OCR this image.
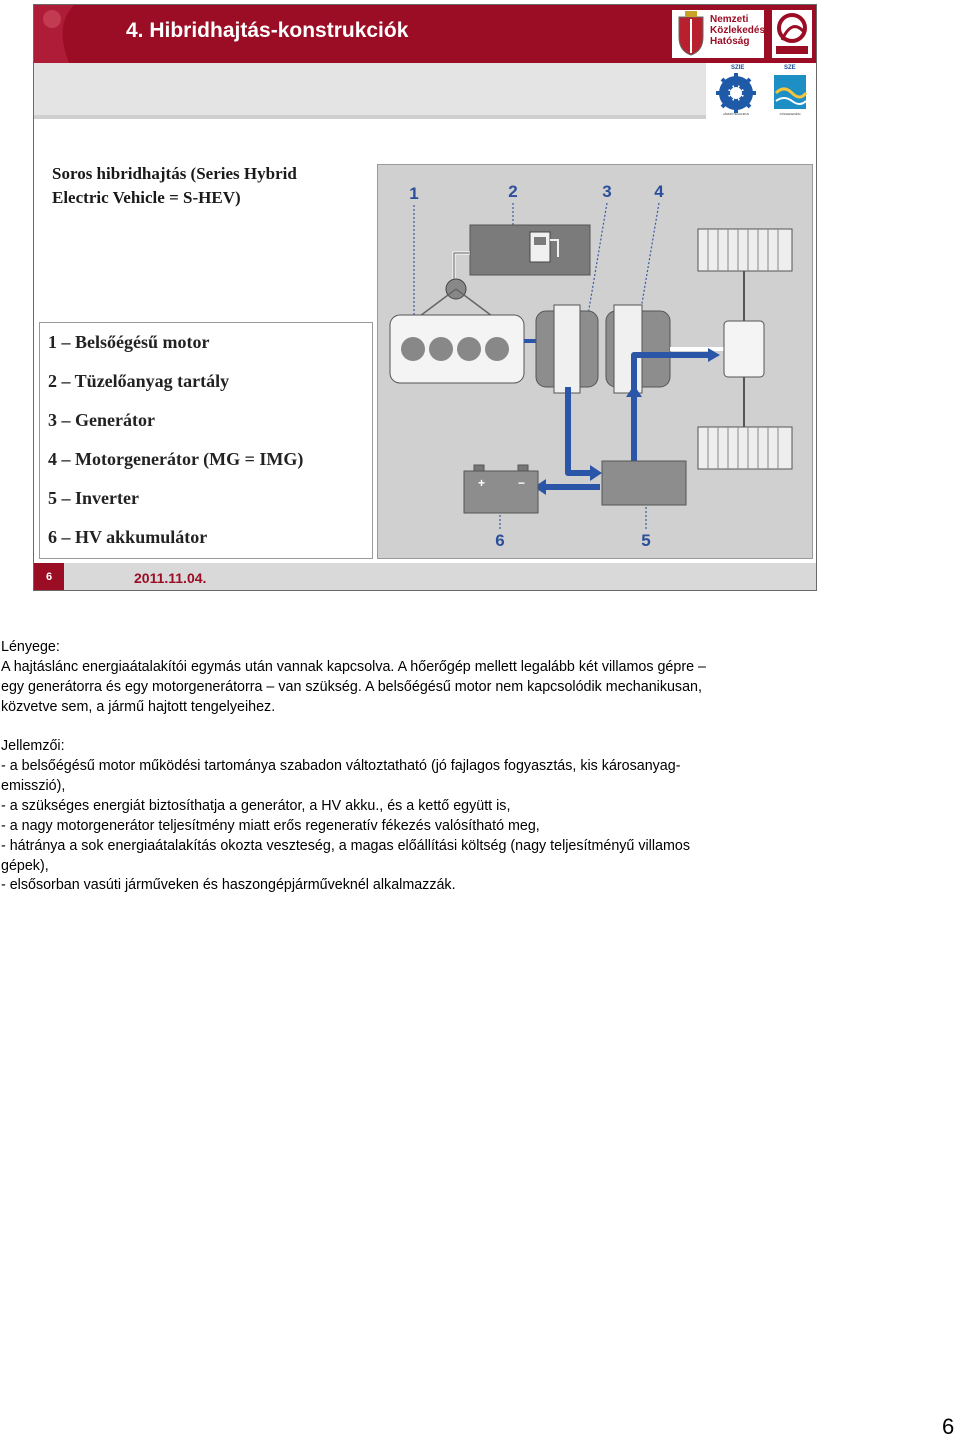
4. Hibridhajtás-konstrukciók	Nemzeti
Közlekedési
Hatóság
SZIE
JÁRMŰTECHNIKAI
SZE
KÖZLEKEDÉSI
Soros hibridhajtás (Series Hybrid
Electric Vehicle = S-HEV)
1 – Belsőégésű motor
2 – Tüzelőanyag tartály
3 – Generátor
4 – Motorgenerátor (MG = IMG)
5 – Inverter
6 – HV akkumulátor
1	2	3	4
5
6
+	−
6	2011.11.04.
Lényege:
A hajtáslánc energiaátalakítói egymás után vannak kapcsolva. A hőerőgép mellett legalább két villamos gépre –
egy generátorra és egy motorgenerátorra – van szükség. A belsőégésű motor nem kapcsolódik mechanikusan,
közvetve sem, a jármű hajtott tengelyeihez.
Jellemzői:
- a belsőégésű motor működési tartománya szabadon változtatható (jó fajlagos fogyasztás, kis károsanyag-
emisszió),
- a szükséges energiát biztosíthatja a generátor, a HV akku., és a kettő együtt is,
- a nagy motorgenerátor teljesítmény miatt erős regeneratív fékezés valósítható meg,
- hátránya a sok energiaátalakítás okozta veszteség, a magas előállítási költség (nagy teljesítményű villamos
gépek),
- elsősorban vasúti járműveken és haszongépjárműveknél alkalmazzák.
6
